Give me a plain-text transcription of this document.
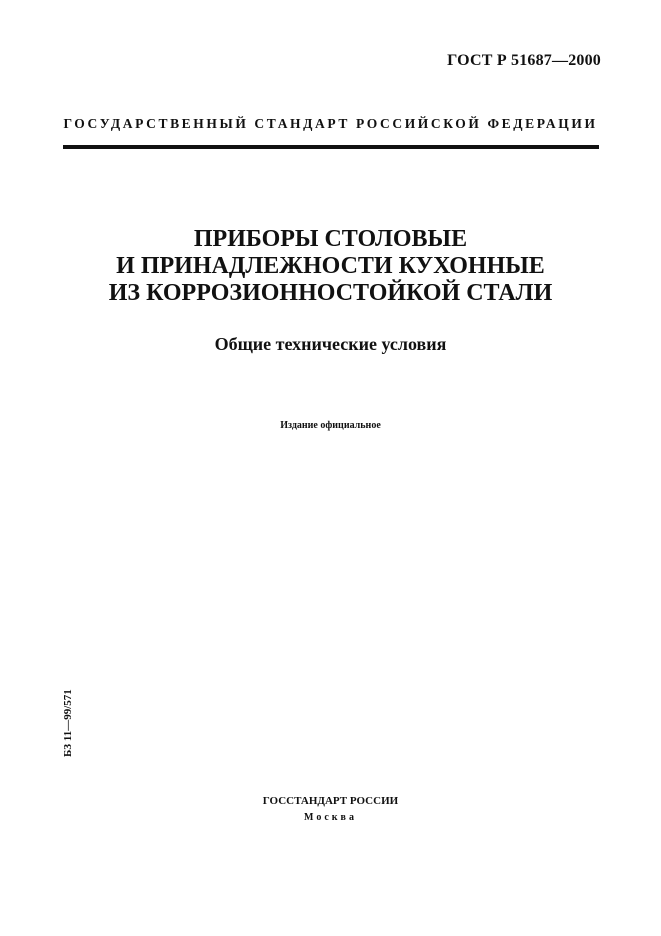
ГОСТ Р 51687—2000
ГОСУДАРСТВЕННЫЙ СТАНДАРТ РОССИЙСКОЙ ФЕДЕРАЦИИ
ПРИБОРЫ СТОЛОВЫЕ
И ПРИНАДЛЕЖНОСТИ КУХОННЫЕ
ИЗ КОРРОЗИОННОСТОЙКОЙ СТАЛИ
Общие технические условия
Издание официальное
БЗ 11—99/571
ГОССТАНДАРТ РОССИИ
Москва
